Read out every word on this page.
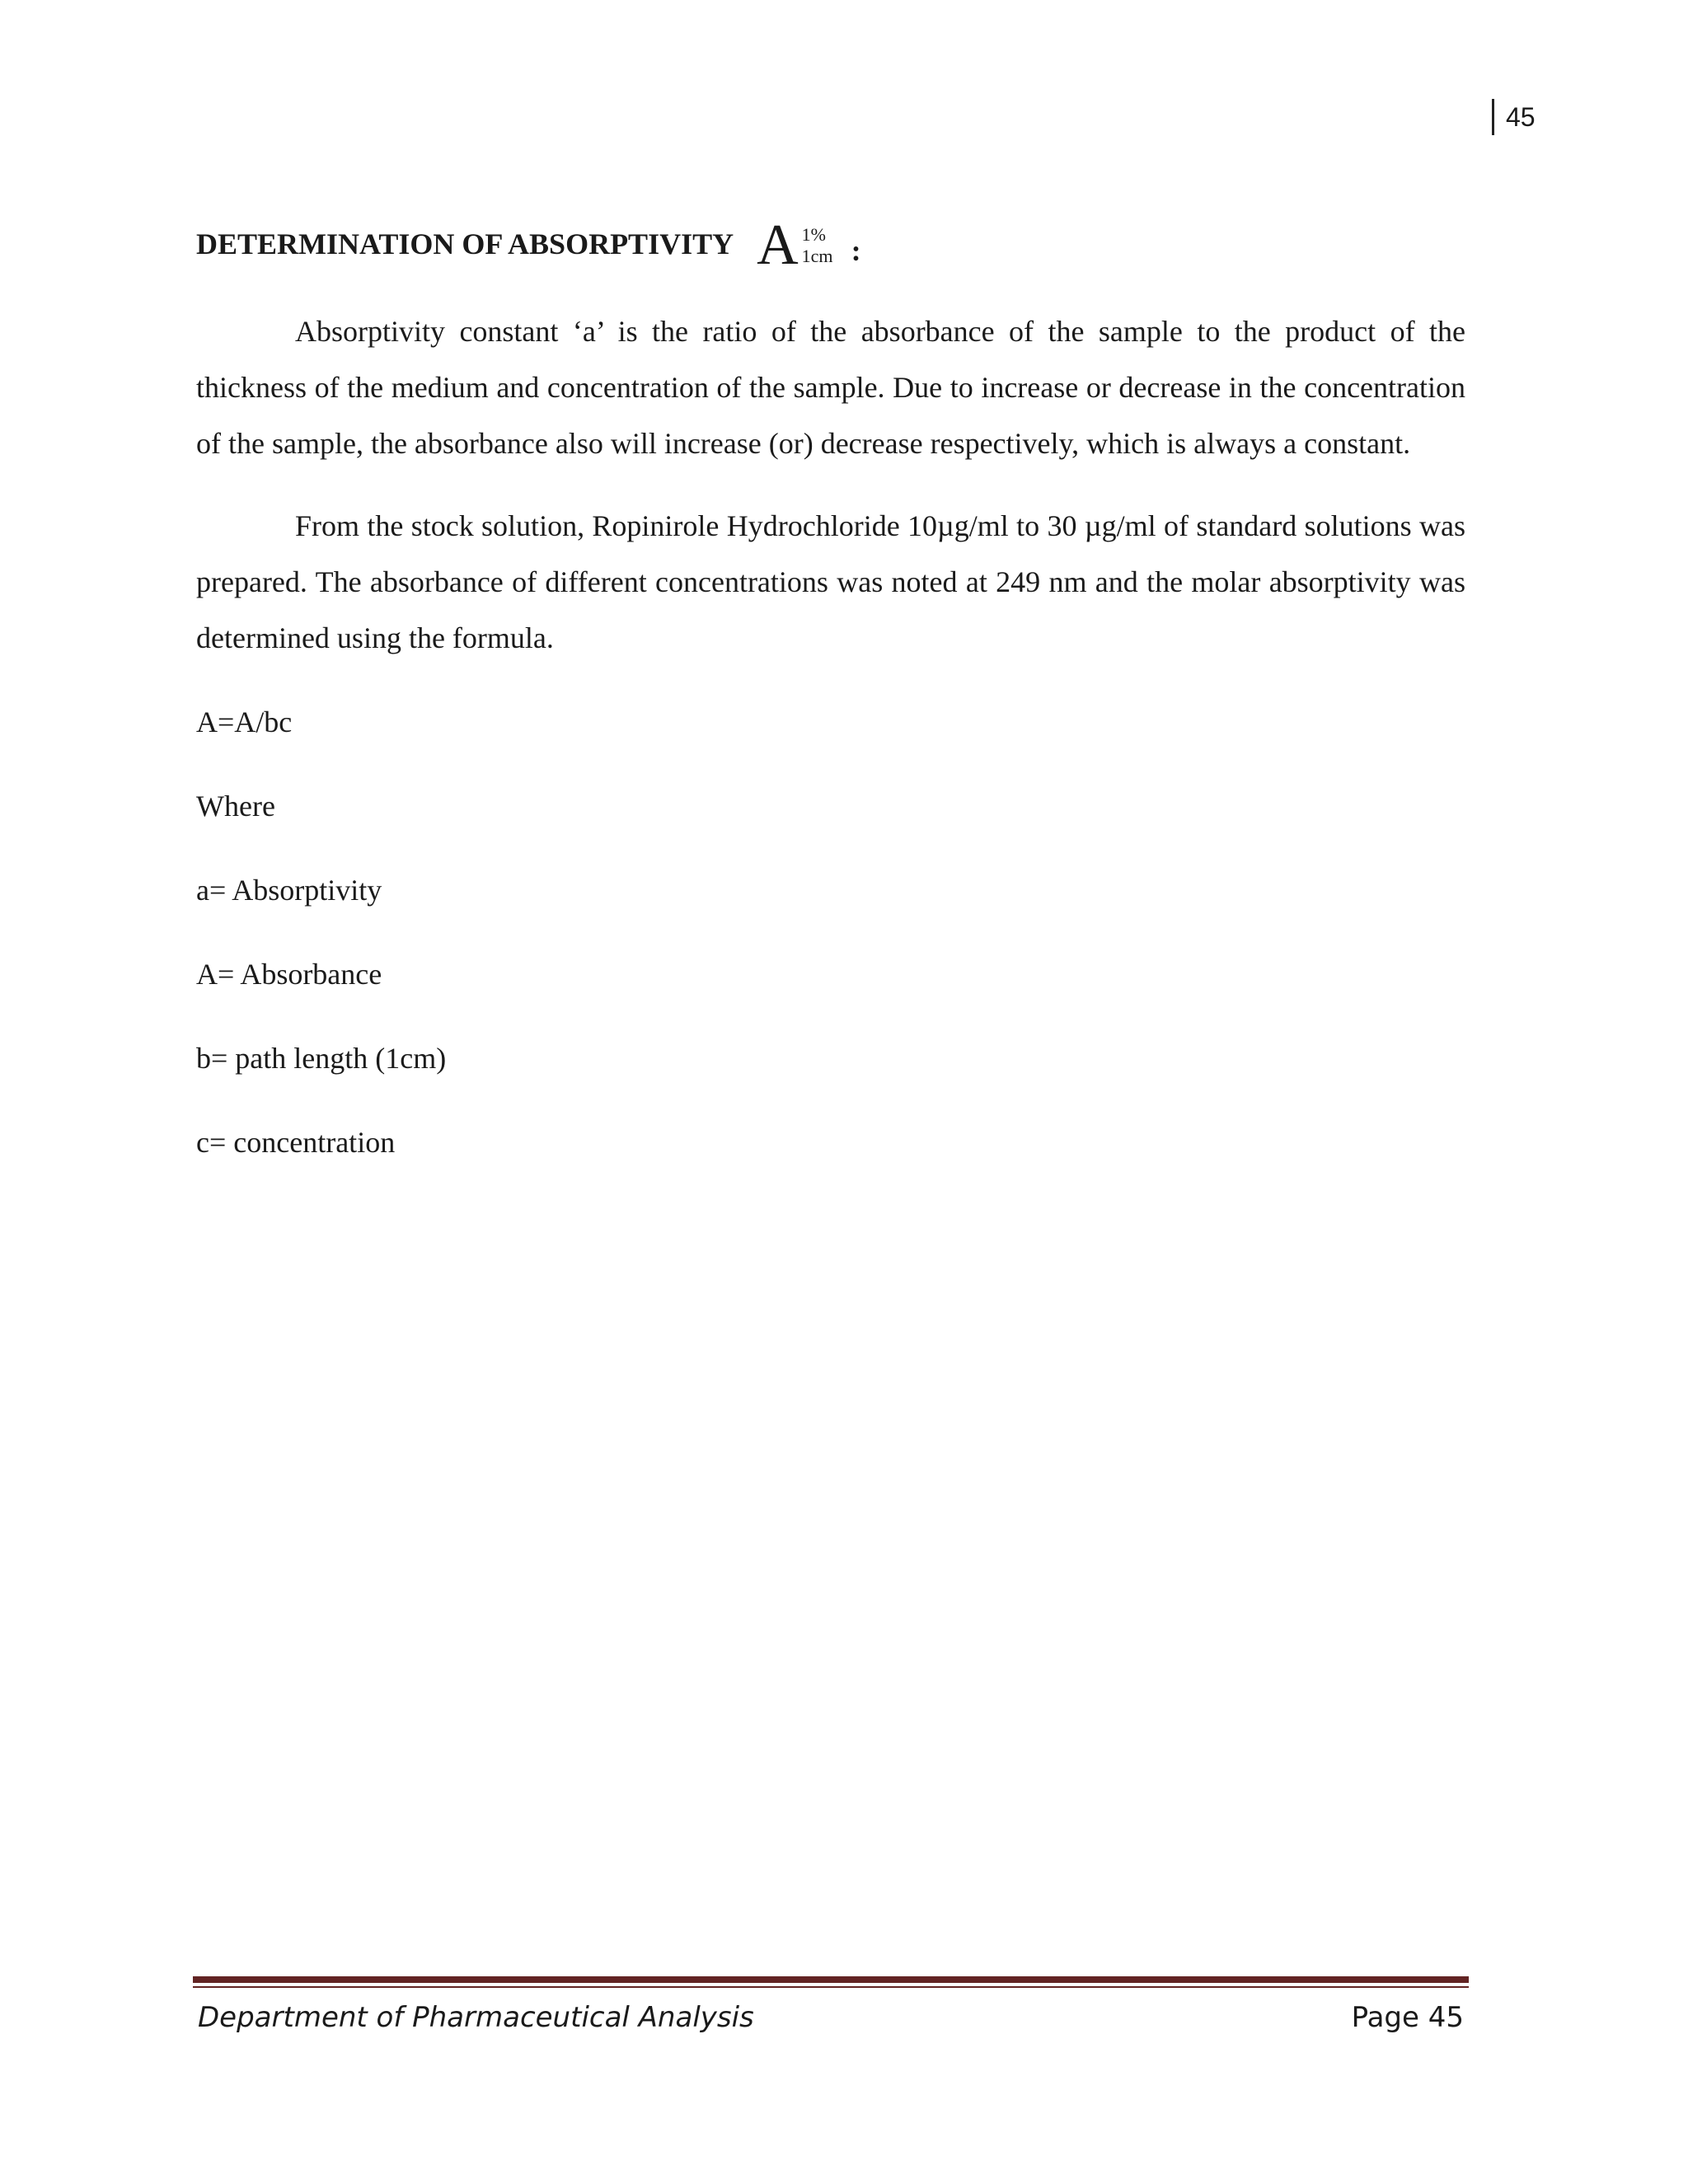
45
DETERMINATION OF ABSORPTIVITY A 1%
1cm :

Absorptivity constant ‘a’ is the ratio of the absorbance of the sample to the product of the thickness of the medium and concentration of the sample. Due to increase or decrease in the concentration of the sample, the absorbance also will increase (or) decrease respectively, which is always a constant.

From the stock solution, Ropinirole Hydrochloride 10µg/ml to 30 µg/ml of standard solutions was prepared. The absorbance of different concentrations was noted at 249 nm and the molar absorptivity was determined using the formula.

A=A/bc

Where

a= Absorptivity

A= Absorbance

b= path length (1cm)

c= concentration

Department of Pharmaceutical Analysis	Page 45
